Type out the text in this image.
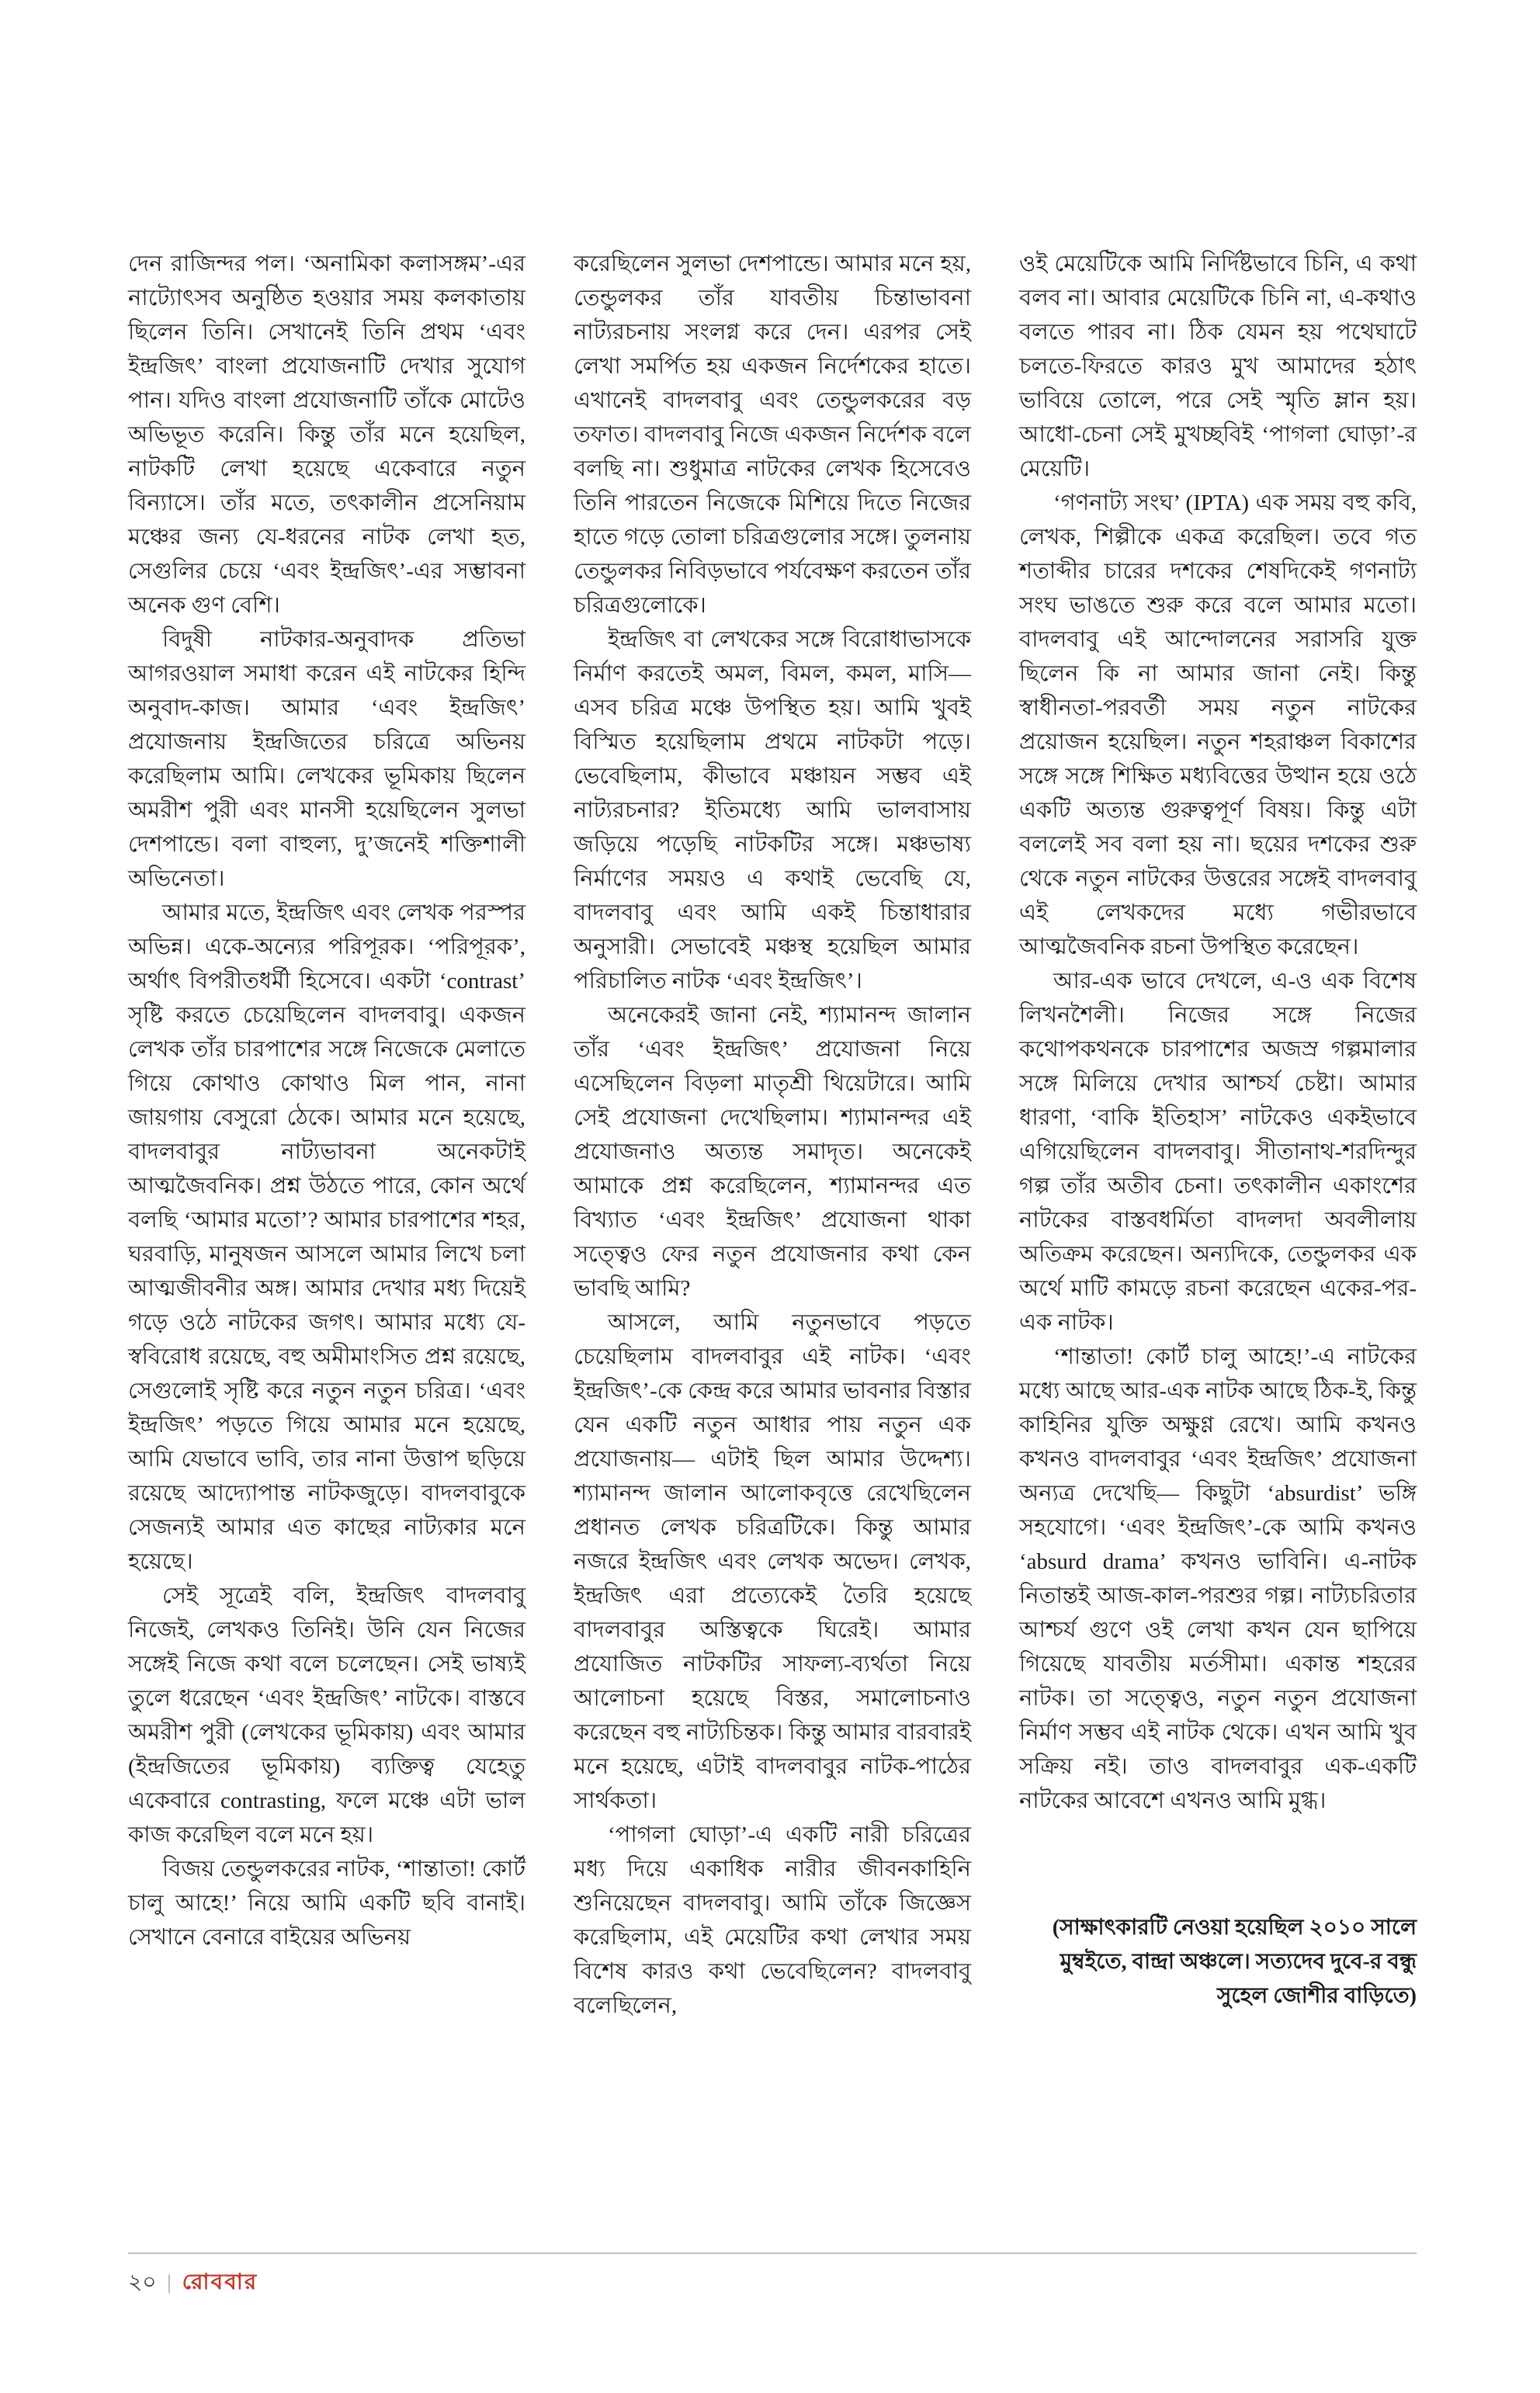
দেন রাজিন্দর পল। ‘অনামিকা কলাসঙ্গম’-এর নাট্যোৎসব অনুষ্ঠিত হওয়ার সময় কলকাতায় ছিলেন তিনি। সেখানেই তিনি প্রথম ‘এবং ইন্দ্রজিৎ’ বাংলা প্রযোজনাটি দেখার সুযোগ পান। যদিও বাংলা প্রযোজনাটি তাঁকে মোটেও অভিভূত করেনি। কিন্তু তাঁর মনে হয়েছিল, নাটকটি লেখা হয়েছে একেবারে নতুন বিন্যাসে। তাঁর মতে, তৎকালীন প্রসেনিয়াম মঞ্চের জন্য যে-ধরনের নাটক লেখা হত, সেগুলির চেয়ে ‘এবং ইন্দ্রজিৎ’-এর সম্ভাবনা অনেক গুণ বেশি।

বিদুষী নাটকার-অনুবাদক প্রতিভা আগরওয়াল সমাধা করেন এই নাটকের হিন্দি অনুবাদ-কাজ। আমার ‘এবং ইন্দ্রজিৎ’ প্রযোজনায় ইন্দ্রজিতের চরিত্রে অভিনয় করেছিলাম আমি। লেখকের ভূমিকায় ছিলেন অমরীশ পুরী এবং মানসী হয়েছিলেন সুলভা দেশপান্ডে। বলা বাহুল্য, দু’জনেই শক্তিশালী অভিনেতা।

আমার মতে, ইন্দ্রজিৎ এবং লেখক পরস্পর অভিন্ন। একে-অন্যের পরিপূরক। ‘পরিপূরক’, অর্থাৎ বিপরীতধর্মী হিসেবে। একটা ‘contrast’ সৃষ্টি করতে চেয়েছিলেন বাদলবাবু। একজন লেখক তাঁর চারপাশের সঙ্গে নিজেকে মেলাতে গিয়ে কোথাও কোথাও মিল পান, নানা জায়গায় বেসুরো ঠেকে। আমার মনে হয়েছে, বাদলবাবুর নাট্যভাবনা অনেকটাই আত্মজৈবনিক। প্রশ্ন উঠতে পারে, কোন অর্থে বলছি ‘আমার মতো’? আমার চারপাশের শহর, ঘরবাড়ি, মানুষজন আসলে আমার লিখে চলা আত্মজীবনীর অঙ্গ। আমার দেখার মধ্য দিয়েই গড়ে ওঠে নাটকের জগৎ। আমার মধ্যে যে-স্ববিরোধ রয়েছে, বহু অমীমাংসিত প্রশ্ন রয়েছে, সেগুলোই সৃষ্টি করে নতুন নতুন চরিত্র। ‘এবং ইন্দ্রজিৎ’ পড়তে গিয়ে আমার মনে হয়েছে, আমি যেভাবে ভাবি, তার নানা উত্তাপ ছড়িয়ে রয়েছে আদ্যোপান্ত নাটকজুড়ে। বাদলবাবুকে সেজন্যই আমার এত কাছের নাট্যকার মনে হয়েছে।

সেই সূত্রেই বলি, ইন্দ্রজিৎ বাদলবাবু নিজেই, লেখকও তিনিই। উনি যেন নিজের সঙ্গেই নিজে কথা বলে চলেছেন। সেই ভাষ্যই তুলে ধরেছেন ‘এবং ইন্দ্রজিৎ’ নাটকে। বাস্তবে অমরীশ পুরী (লেখকের ভূমিকায়) এবং আমার (ইন্দ্রজিতের ভূমিকায়) ব্যক্তিত্ব যেহেতু একেবারে contrasting, ফলে মঞ্চে এটা ভাল কাজ করেছিল বলে মনে হয়।

বিজয় তেন্ডুলকরের নাটক, ‘শান্তাতা! কোর্ট চালু আহে!’ নিয়ে আমি একটি ছবি বানাই। সেখানে বেনারে বাইয়ের অভিনয়

করেছিলেন সুলভা দেশপান্ডে। আমার মনে হয়, তেন্ডুলকর তাঁর যাবতীয় চিন্তাভাবনা নাট্যরচনায় সংলগ্ন করে দেন। এরপর সেই লেখা সমর্পিত হয় একজন নির্দেশকের হাতে। এখানেই বাদলবাবু এবং তেন্ডুলকরের বড় তফাত। বাদলবাবু নিজে একজন নির্দেশক বলে বলছি না। শুধুমাত্র নাটকের লেখক হিসেবেও তিনি পারতেন নিজেকে মিশিয়ে দিতে নিজের হাতে গড়ে তোলা চরিত্রগুলোর সঙ্গে। তুলনায় তেন্ডুলকর নিবিড়ভাবে পর্যবেক্ষণ করতেন তাঁর চরিত্রগুলোকে।

ইন্দ্রজিৎ বা লেখকের সঙ্গে বিরোধাভাসকে নির্মাণ করতেই অমল, বিমল, কমল, মাসি— এসব চরিত্র মঞ্চে উপস্থিত হয়। আমি খুবই বিস্মিত হয়েছিলাম প্রথমে নাটকটা পড়ে। ভেবেছিলাম, কীভাবে মঞ্চায়ন সম্ভব এই নাট্যরচনার? ইতিমধ্যে আমি ভালবাসায় জড়িয়ে পড়েছি নাটকটির সঙ্গে। মঞ্চভাষ্য নির্মাণের সময়ও এ কথাই ভেবেছি যে, বাদলবাবু এবং আমি একই চিন্তাধারার অনুসারী। সেভাবেই মঞ্চস্থ হয়েছিল আমার পরিচালিত নাটক ‘এবং ইন্দ্রজিৎ’।

অনেকেরই জানা নেই, শ্যামানন্দ জালান তাঁর ‘এবং ইন্দ্রজিৎ’ প্রযোজনা নিয়ে এসেছিলেন বিড়লা মাতৃশ্রী থিয়েটারে। আমি সেই প্রযোজনা দেখেছিলাম। শ্যামানন্দর এই প্রযোজনাও অত্যন্ত সমাদৃত। অনেকেই আমাকে প্রশ্ন করেছিলেন, শ্যামানন্দর এত বিখ্যাত ‘এবং ইন্দ্রজিৎ’ প্রযোজনা থাকা সত্ত্বেও ফের নতুন প্রযোজনার কথা কেন ভাবছি আমি?

আসলে, আমি নতুনভাবে পড়তে চেয়েছিলাম বাদলবাবুর এই নাটক। ‘এবং ইন্দ্রজিৎ’-কে কেন্দ্র করে আমার ভাবনার বিস্তার যেন একটি নতুন আধার পায় নতুন এক প্রযোজনায়— এটাই ছিল আমার উদ্দেশ্য। শ্যামানন্দ জালান আলোকবৃত্তে রেখেছিলেন প্রধানত লেখক চরিত্রটিকে। কিন্তু আমার নজরে ইন্দ্রজিৎ এবং লেখক অভেদ। লেখক, ইন্দ্রজিৎ এরা প্রত্যেকেই তৈরি হয়েছে বাদলবাবুর অস্তিত্বকে ঘিরেই। আমার প্রযোজিত নাটকটির সাফল্য-ব্যর্থতা নিয়ে আলোচনা হয়েছে বিস্তর, সমালোচনাও করেছেন বহু নাট্যচিন্তক। কিন্তু আমার বারবারই মনে হয়েছে, এটাই বাদলবাবুর নাটক-পাঠের সার্থকতা।

‘পাগলা ঘোড়া’-এ একটি নারী চরিত্রের মধ্য দিয়ে একাধিক নারীর জীবনকাহিনি শুনিয়েছেন বাদলবাবু। আমি তাঁকে জিজ্ঞেস করেছিলাম, এই মেয়েটির কথা লেখার সময় বিশেষ কারও কথা ভেবেছিলেন? বাদলবাবু বলেছিলেন,

ওই মেয়েটিকে আমি নির্দিষ্টভাবে চিনি, এ কথা বলব না। আবার মেয়েটিকে চিনি না, এ-কথাও বলতে পারব না। ঠিক যেমন হয় পথেঘাটে চলতে-ফিরতে কারও মুখ আমাদের হঠাৎ ভাবিয়ে তোলে, পরে সেই স্মৃতি ম্লান হয়। আধো-চেনা সেই মুখচ্ছবিই ‘পাগলা ঘোড়া’-র মেয়েটি।

‘গণনাট্য সংঘ’ (IPTA) এক সময় বহু কবি, লেখক, শিল্পীকে একত্র করেছিল। তবে গত শতাব্দীর চারের দশকের শেষদিকেই গণনাট্য সংঘ ভাঙতে শুরু করে বলে আমার মতো। বাদলবাবু এই আন্দোলনের সরাসরি যুক্ত ছিলেন কি না আমার জানা নেই। কিন্তু স্বাধীনতা-পরবর্তী সময় নতুন নাটকের প্রয়োজন হয়েছিল। নতুন শহরাঞ্চল বিকাশের সঙ্গে সঙ্গে শিক্ষিত মধ্যবিত্তের উত্থান হয়ে ওঠে একটি অত্যন্ত গুরুত্বপূর্ণ বিষয়। কিন্তু এটা বললেই সব বলা হয় না। ছয়ের দশকের শুরু থেকে নতুন নাটকের উত্তরের সঙ্গেই বাদলবাবু এই লেখকদের মধ্যে গভীরভাবে আত্মজৈবনিক রচনা উপস্থিত করেছেন।

আর-এক ভাবে দেখলে, এ-ও এক বিশেষ লিখনশৈলী। নিজের সঙ্গে নিজের কথোপকথনকে চারপাশের অজস্র গল্পমালার সঙ্গে মিলিয়ে দেখার আশ্চর্য চেষ্টা। আমার ধারণা, ‘বাকি ইতিহাস’ নাটকেও একইভাবে এগিয়েছিলেন বাদলবাবু। সীতানাথ-শরদিন্দুর গল্প তাঁর অতীব চেনা। তৎকালীন একাংশের নাটকের বাস্তবধর্মিতা বাদলদা অবলীলায় অতিক্রম করেছেন। অন্যদিকে, তেন্ডুলকর এক অর্থে মাটি কামড়ে রচনা করেছেন একের-পর-এক নাটক।

‘শান্তাতা! কোর্ট চালু আহে!’-এ নাটকের মধ্যে আছে আর-এক নাটক আছে ঠিক-ই, কিন্তু কাহিনির যুক্তি অক্ষুণ্ণ রেখে। আমি কখনও কখনও বাদলবাবুর ‘এবং ইন্দ্রজিৎ’ প্রযোজনা অন্যত্র দেখেছি— কিছুটা ‘absurdist’ ভঙ্গি সহযোগে। ‘এবং ইন্দ্রজিৎ’-কে আমি কখনও ‘absurd drama’ কখনও ভাবিনি। এ-নাটক নিতান্তই আজ-কাল-পরশুর গল্প। নাট্যচরিতার আশ্চর্য গুণে ওই লেখা কখন যেন ছাপিয়ে গিয়েছে যাবতীয় মর্তসীমা। একান্ত শহরের নাটক। তা সত্ত্বেও, নতুন নতুন প্রযোজনা নির্মাণ সম্ভব এই নাটক থেকে। এখন আমি খুব সক্রিয় নই। তাও বাদলবাবুর এক-একটি নাটকের আবেশে এখনও আমি মুগ্ধ।

(সাক্ষাৎকারটি নেওয়া হয়েছিল ২০১০ সালে মুম্বইতে, বান্দ্রা অঞ্চলে। সত্যদেব দুবে-র বন্ধু সুহেল জোশীর বাড়িতে)

২০ | রোববার
